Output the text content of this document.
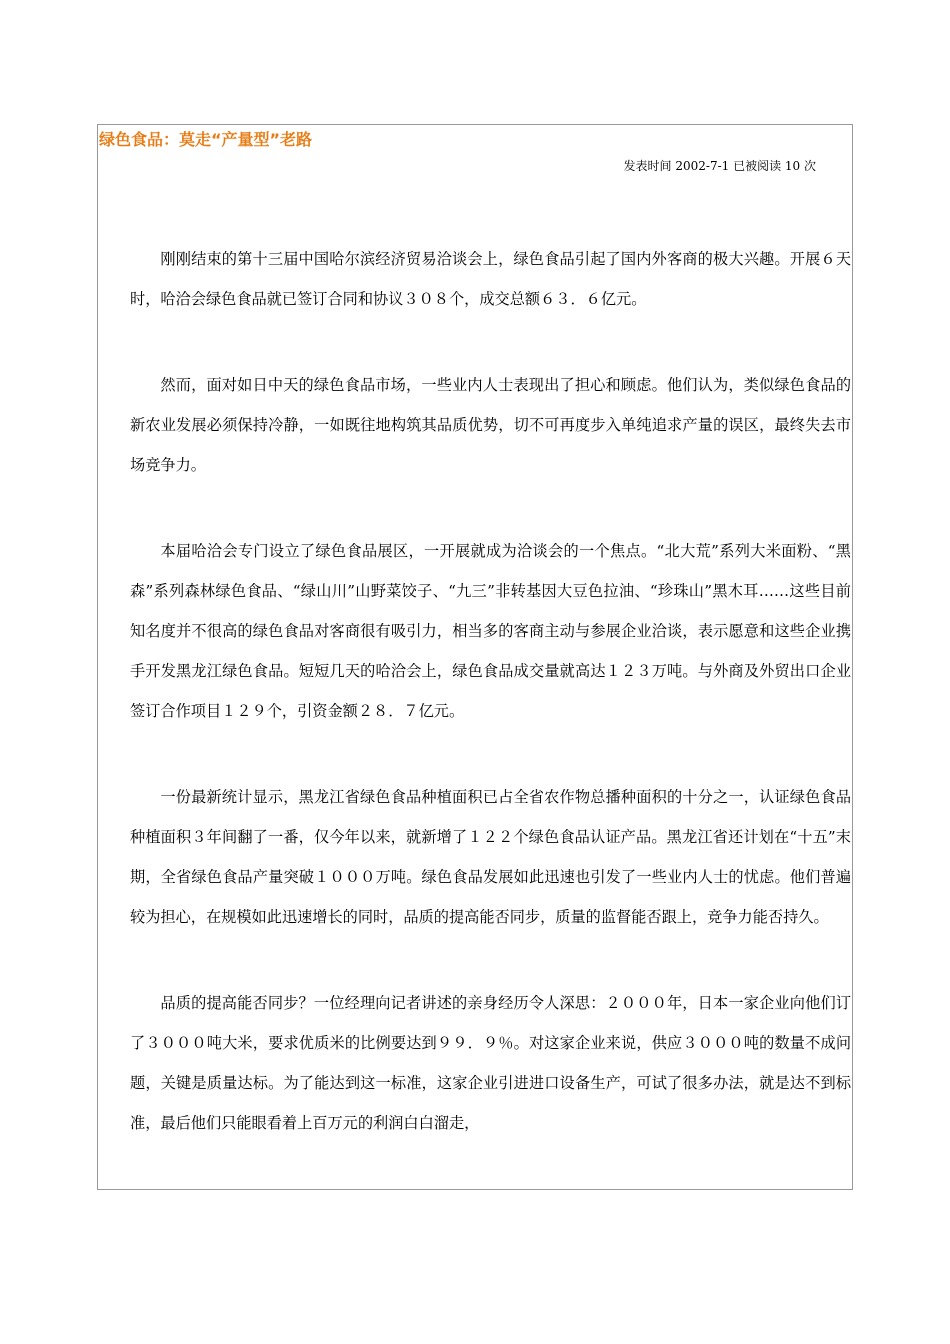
绿色食品：莫走“产量型”老路
发表时间 2002-7-1 已被阅读 10 次

刚刚结束的第十三届中国哈尔滨经济贸易洽谈会上，绿色食品引起了国内外客商的极大兴趣。开展６天时，哈洽会绿色食品就已签订合同和协议３０８个，成交总额６３．６亿元。

然而，面对如日中天的绿色食品市场，一些业内人士表现出了担心和顾虑。他们认为，类似绿色食品的新农业发展必须保持冷静，一如既往地构筑其品质优势，切不可再度步入单纯追求产量的误区，最终失去市场竞争力。

本届哈洽会专门设立了绿色食品展区，一开展就成为洽谈会的一个焦点。“北大荒”系列大米面粉、“黑森”系列森林绿色食品、“绿山川”山野菜饺子、“九三”非转基因大豆色拉油、“珍珠山”黑木耳……这些目前知名度并不很高的绿色食品对客商很有吸引力，相当多的客商主动与参展企业洽谈，表示愿意和这些企业携手开发黑龙江绿色食品。短短几天的哈洽会上，绿色食品成交量就高达１２３万吨。与外商及外贸出口企业签订合作项目１２９个，引资金额２８．７亿元。

一份最新统计显示，黑龙江省绿色食品种植面积已占全省农作物总播种面积的十分之一，认证绿色食品种植面积３年间翻了一番，仅今年以来，就新增了１２２个绿色食品认证产品。黑龙江省还计划在“十五”末期，全省绿色食品产量突破１０００万吨。绿色食品发展如此迅速也引发了一些业内人士的忧虑。他们普遍较为担心，在规模如此迅速增长的同时，品质的提高能否同步，质量的监督能否跟上，竞争力能否持久。

品质的提高能否同步？一位经理向记者讲述的亲身经历令人深思：２０００年，日本一家企业向他们订了３０００吨大米，要求优质米的比例要达到９９．９％。对这家企业来说，供应３０００吨的数量不成问题，关键是质量达标。为了能达到这一标准，这家企业引进进口设备生产，可试了很多办法，就是达不到标准，最后他们只能眼看着上百万元的利润白白溜走，
